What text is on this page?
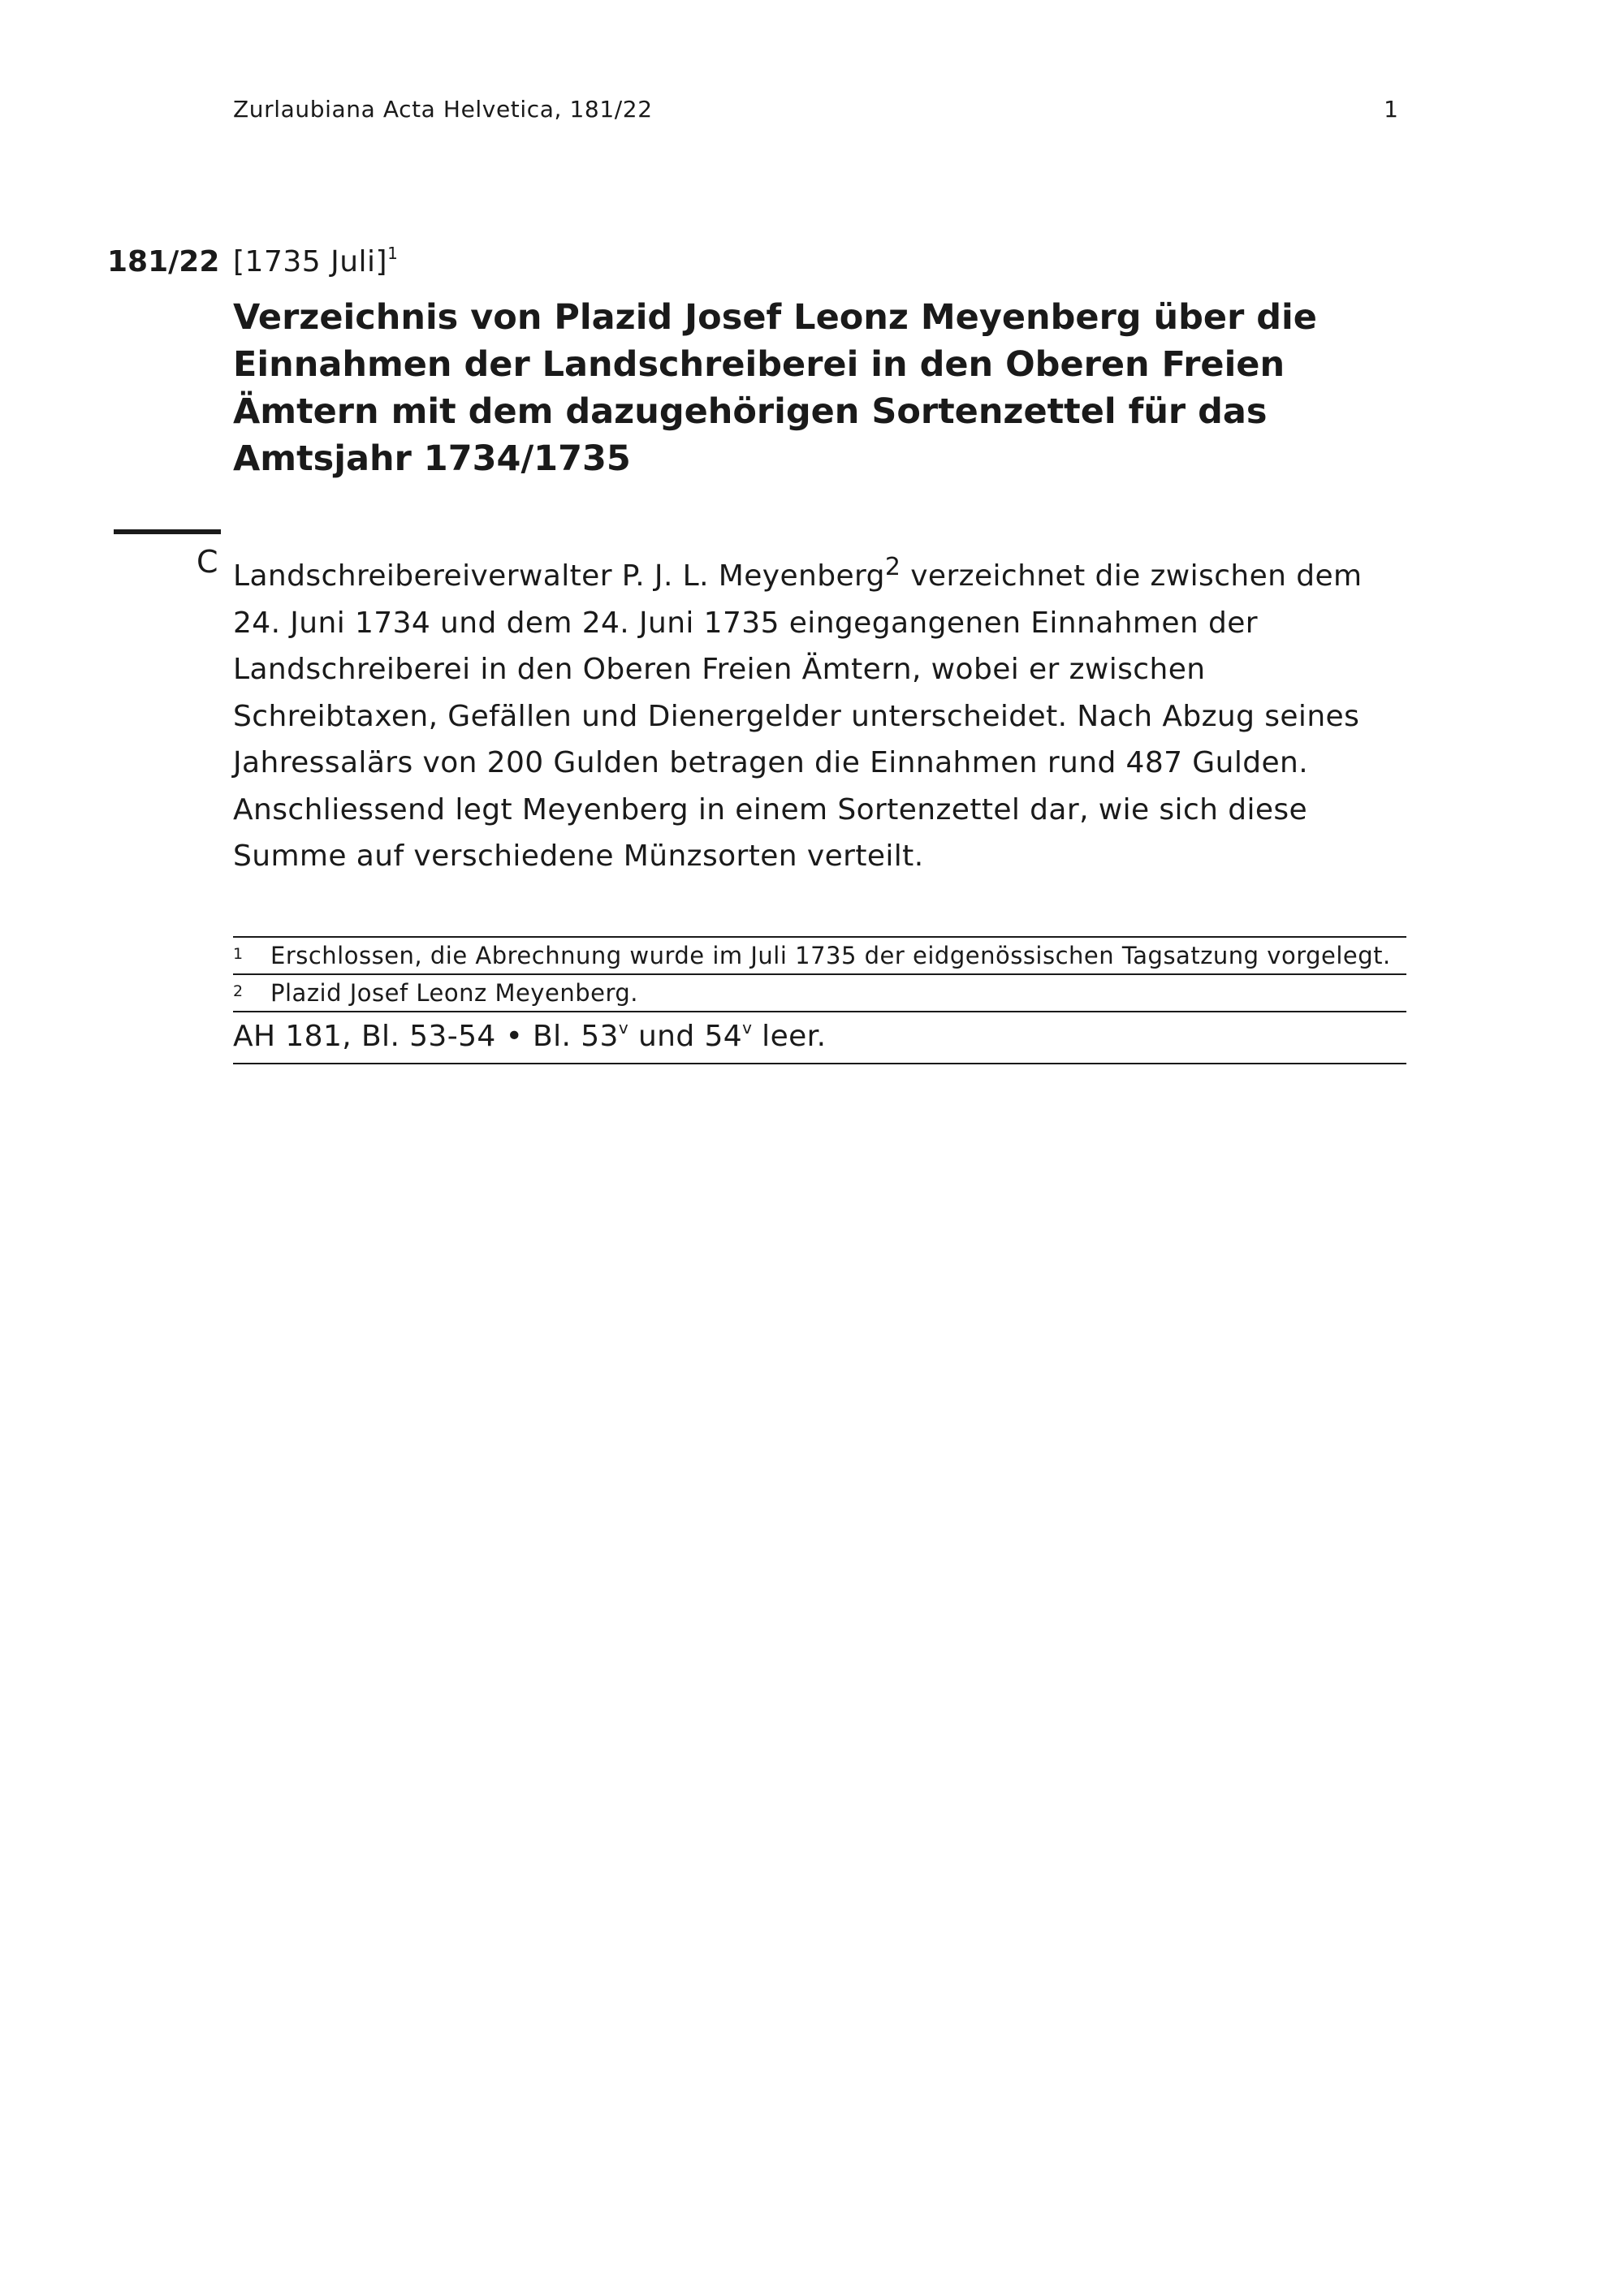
Zurlaubiana Acta Helvetica, 181/22	1
181/22 [1735 Juli]$^1$
Verzeichnis von Plazid Josef Leonz Meyenberg über die Einnahmen der Landschreiberei in den Oberen Freien Ämtern mit dem dazugehörigen Sortenzettel für das Amtsjahr 1734/1735
C Landschreibereiverwalter P. J. L. Meyenberg$^2$ verzeichnet die zwischen dem 24. Juni 1734 und dem 24. Juni 1735 eingegangenen Einnahmen der Landschreiberei in den Oberen Freien Ämtern, wobei er zwischen Schreibtaxen, Gefällen und Dienergelder unterscheidet. Nach Abzug seines Jahressalärs von 200 Gulden betragen die Einnahmen rund 487 Gulden.
Anschliessend legt Meyenberg in einem Sortenzettel dar, wie sich diese Summe auf verschiedene Münzsorten verteilt.

1 Erschlossen, die Abrechnung wurde im Juli 1735 der eidgenössischen Tagsatzung vorgelegt.
2 Plazid Josef Leonz Meyenberg.
AH 181, Bl. 53-54 • Bl. 53$^v$ und 54$^v$ leer.
